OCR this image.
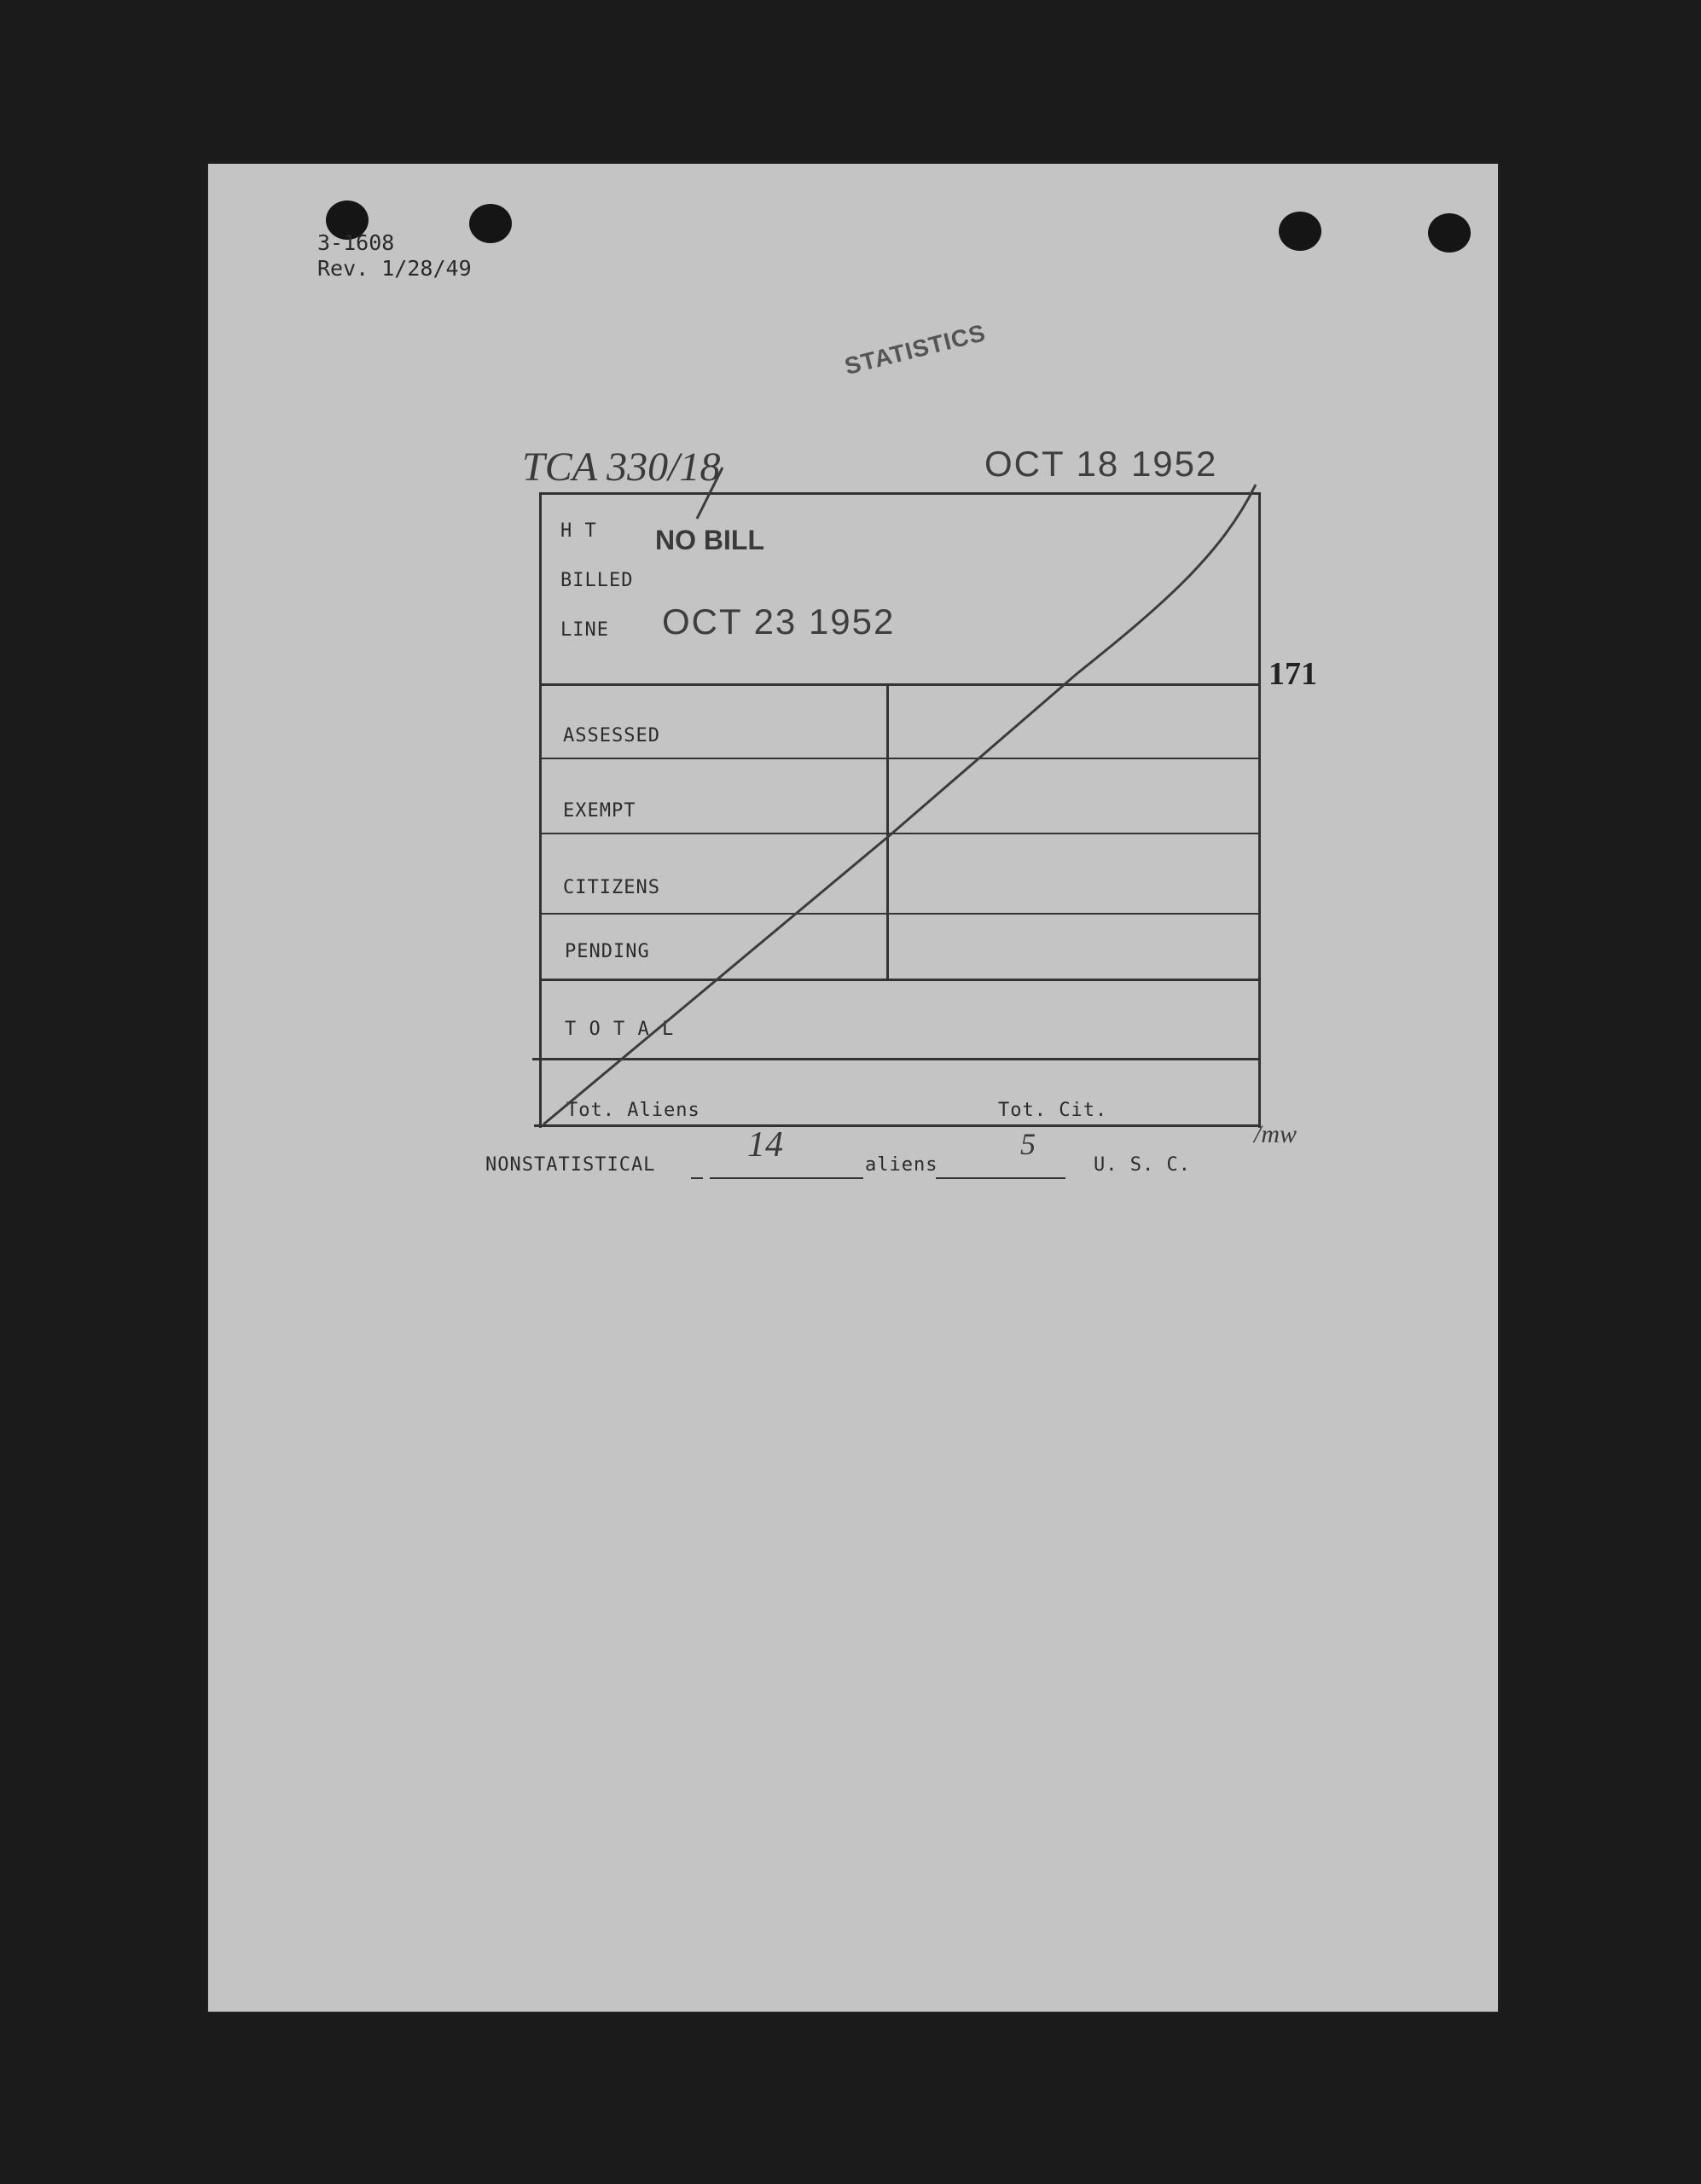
3-1608
Rev. 1/28/49
STATISTICS
TCA 330/18	OCT 18 1952
H T
BILLED
LINE
NO BILL
OCT 23 1952
171
ASSESSED
EXEMPT
CITIZENS
PENDING
T O T A L
Tot. Aliens	Tot. Cit.
/mw
NONSTATISTICAL
14
aliens
5
U. S. C.
